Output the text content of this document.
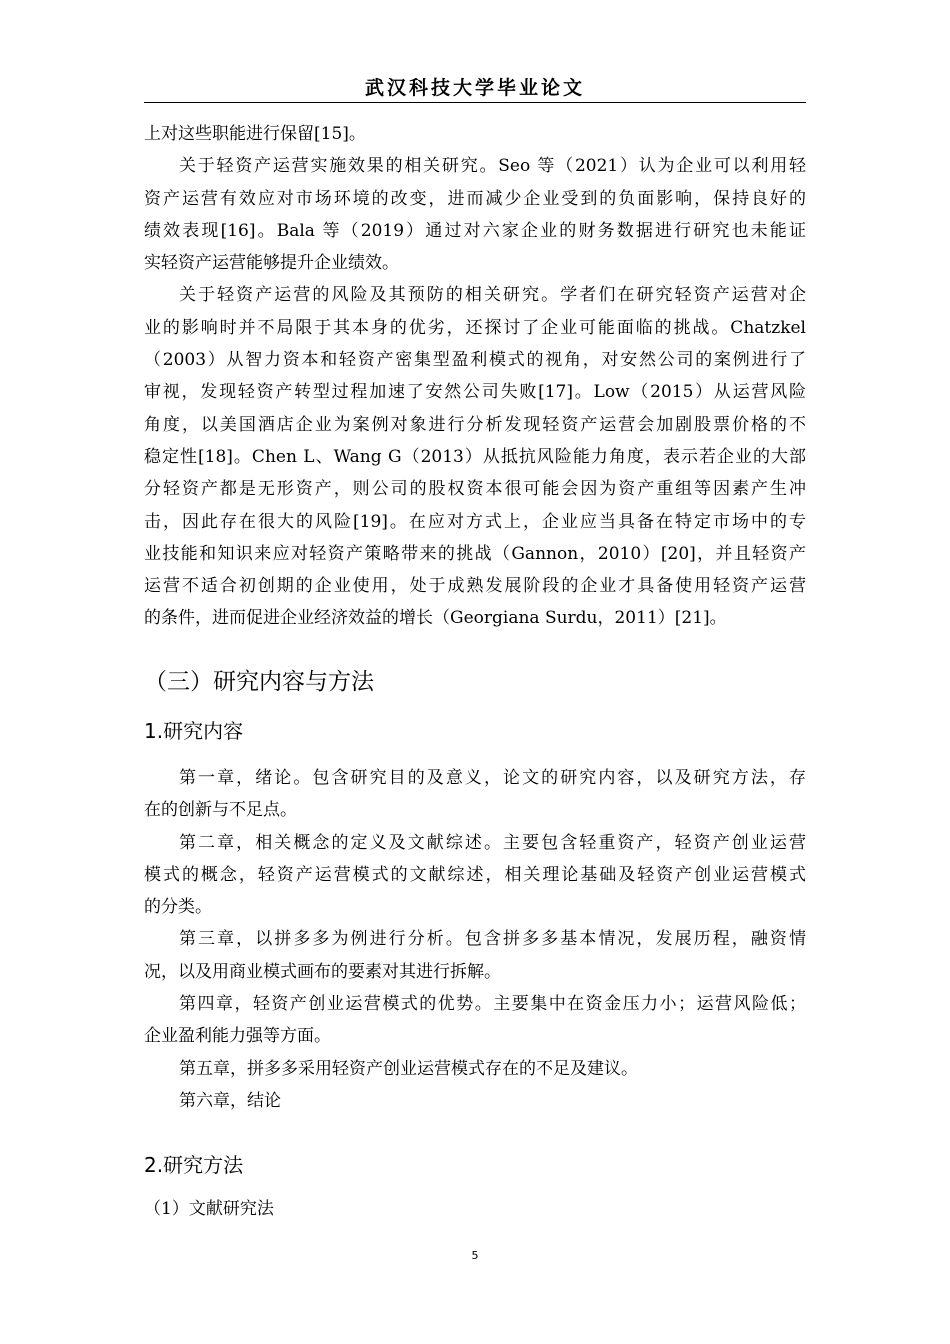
武汉科技大学毕业论文

上对这些职能进行保留[15]。

关于轻资产运营实施效果的相关研究。Seo 等（2021）认为企业可以利用轻

资产运营有效应对市场环境的改变，进而减少企业受到的负面影响，保持良好的

绩效表现[16]。Bala 等（2019）通过对六家企业的财务数据进行研究也未能证

实轻资产运营能够提升企业绩效。

关于轻资产运营的风险及其预防的相关研究。学者们在研究轻资产运营对企

业的影响时并不局限于其本身的优劣，还探讨了企业可能面临的挑战。Chatzkel

（2003）从智力资本和轻资产密集型盈利模式的视角，对安然公司的案例进行了

审视，发现轻资产转型过程加速了安然公司失败[17]。Low（2015）从运营风险

角度，以美国酒店企业为案例对象进行分析发现轻资产运营会加剧股票价格的不

稳定性[18]。Chen L、Wang G（2013）从抵抗风险能力角度，表示若企业的大部

分轻资产都是无形资产，则公司的股权资本很可能会因为资产重组等因素产生冲

击，因此存在很大的风险[19]。在应对方式上，企业应当具备在特定市场中的专

业技能和知识来应对轻资产策略带来的挑战（Gannon，2010）[20]，并且轻资产

运营不适合初创期的企业使用，处于成熟发展阶段的企业才具备使用轻资产运营

的条件，进而促进企业经济效益的增长（Georgiana Surdu，2011）[21]。

（三）研究内容与方法
1.研究内容

第一章，绪论。包含研究目的及意义，论文的研究内容，以及研究方法，存

在的创新与不足点。

第二章，相关概念的定义及文献综述。主要包含轻重资产，轻资产创业运营

模式的概念，轻资产运营模式的文献综述，相关理论基础及轻资产创业运营模式

的分类。

第三章，以拼多多为例进行分析。包含拼多多基本情况，发展历程，融资情

况，以及用商业模式画布的要素对其进行拆解。

第四章，轻资产创业运营模式的优势。主要集中在资金压力小；运营风险低；

企业盈利能力强等方面。

第五章，拼多多采用轻资产创业运营模式存在的不足及建议。

第六章，结论

2.研究方法

（1）文献研究法

5
